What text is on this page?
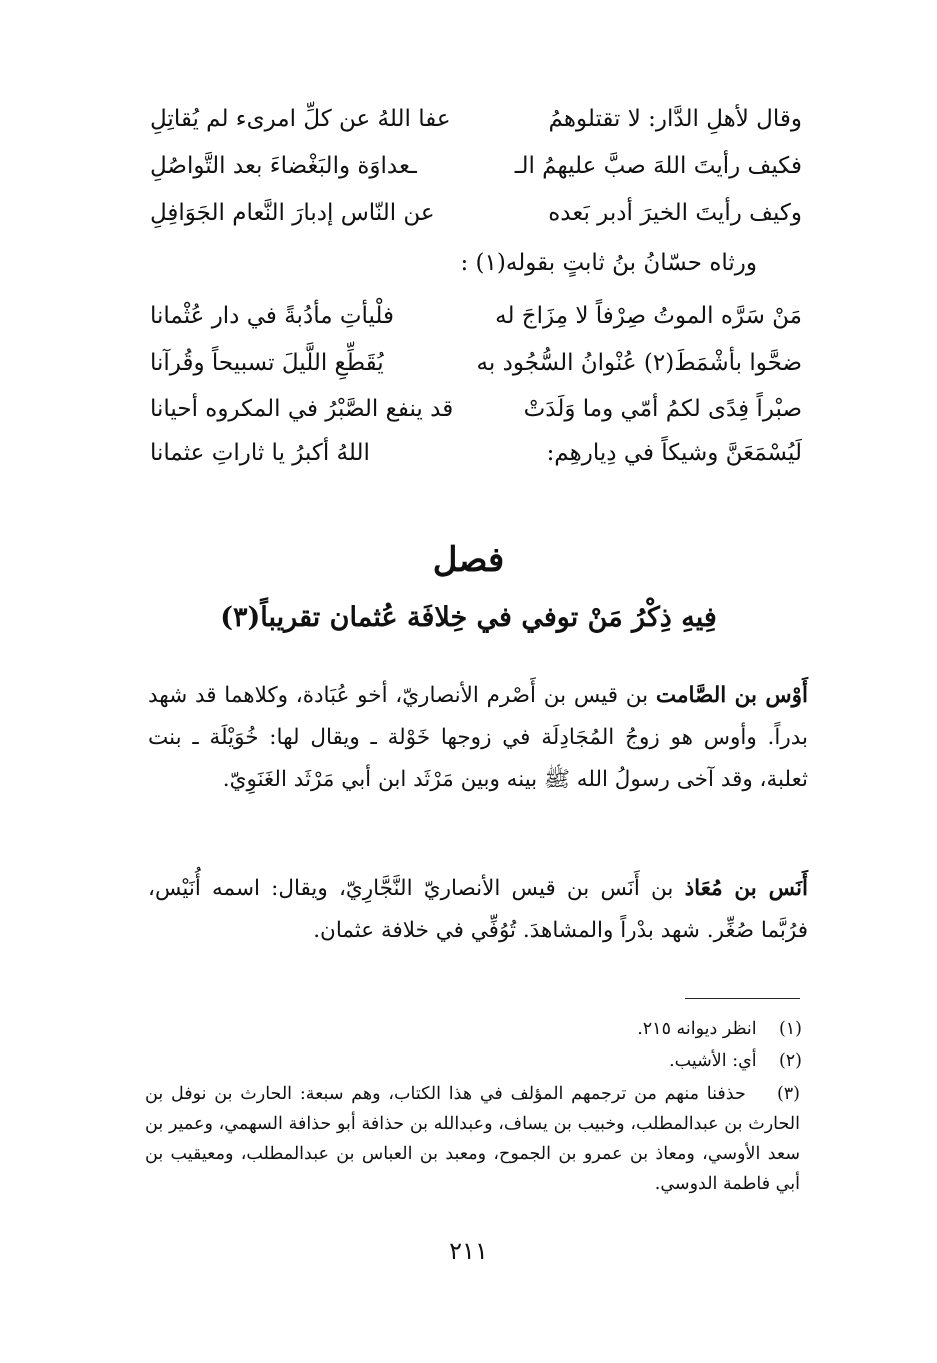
وقال لأهلِ الدَّار: لا تقتلوهمُ
عفا اللهُ عن كلِّ امرىء لم يُقاتِلِ
فكيف رأيتَ اللهَ صبَّ عليهمُ الـ
ـعداوَة والبَغْضاءَ بعد التَّواصُلِ
وكيف رأيتَ الخيرَ أدبر بَعده
عن النّاس إدبارَ النَّعام الجَوَافِلِ
ورثاه حسّانُ بنُ ثابتٍ بقوله(١) :
مَنْ سَرَّه الموتُ صِرْفاً لا مِزَاجَ له
فلْيأتِ مأدُبةً في دار عُثْمانا
ضحَّوا بأشْمَطَ(٢) عُنْوانُ السُّجُود به
يُقَطِّعِ اللَّيلَ تسبيحاً وقُرآنا
صبْراً فِدًى لكمُ أمّي وما وَلَدَتْ
قد ينفع الصَّبْرُ في المكروه أحيانا
لَيُسْمَعَنَّ وشيكاً في دِيارهِم:
اللهُ أكبرُ يا ثاراتِ عثمانا
فصل
فِيهِ ذِكْرُ مَنْ توفي في خِلافَة عُثمان تقريباً(٣)
أَوْس بن الصَّامت بن قيس بن أَصْرم الأنصاريّ، أخو عُبَادة، وكلاهما قد شهد بدراً. وأوس هو زوجُ المُجَادِلَة في زوجها خَوْلة ـ ويقال لها: خُوَيْلَة ـ بنت ثعلبة، وقد آخى رسولُ الله ﷺ بينه وبين مَرْثَد ابن أبي مَرْثَد الغَنَوِيّ.
أَنَس بن مُعَاذ بن أَنَس بن قيس الأنصاريّ النَّجَّارِيّ، ويقال: اسمه أُنَيْس، فرُبَّما صُغِّر. شهد بدْراً والمشاهدَ. تُوُفِّي في خلافة عثمان.
(١)    انظر ديوانه ٢١٥.
(٢)    أي: الأشيب.
(٣)    حذفنا منهم من ترجمهم المؤلف في هذا الكتاب، وهم سبعة: الحارث بن نوفل بن الحارث بن عبدالمطلب، وخبيب بن يساف، وعبدالله بن حذافة أبو حذافة السهمي، وعمير بن سعد الأوسي، ومعاذ بن عمرو بن الجموح، ومعبد بن العباس بن عبدالمطلب، ومعيقيب بن أبي فاطمة الدوسي.
٢١١
